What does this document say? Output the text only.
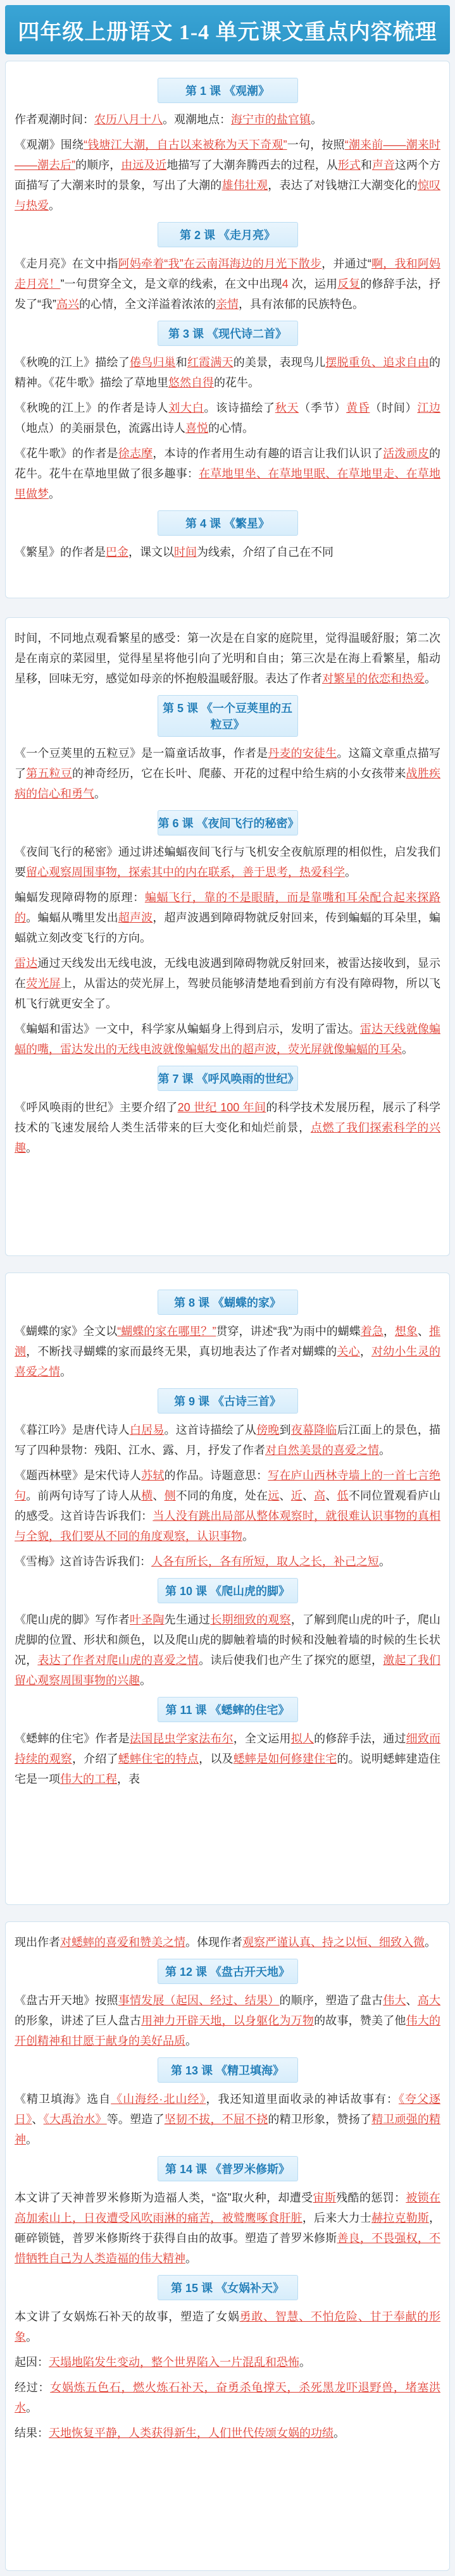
四年级上册语文 1-4 单元课文重点内容梳理
第 1 课 《观潮》

作者观潮时间：农历八月十八。观潮地点：海宁市的盐官镇。

《观潮》围绕“钱塘江大潮，自古以来被称为天下奇观”一句，按照“潮来前——潮来时——潮去后”的顺序，由远及近地描写了大潮奔腾西去的过程，从形式和声音这两个方面描写了大潮来时的景象，写出了大潮的雄伟壮观，表达了对钱塘江大潮变化的惊叹与热爱。

第 2 课 《走月亮》

《走月亮》在文中指阿妈牵着“我”在云南洱海边的月光下散步，并通过“啊，我和阿妈走月亮！”一句贯穿全文，是文章的线索，在文中出现4 次，运用反复的修辞手法，抒发了“我”高兴的心情，全文洋溢着浓浓的亲情，具有浓郁的民族特色。

第 3 课 《现代诗二首》

《秋晚的江上》描绘了倦鸟归巢和红霞满天的美景，表现鸟儿摆脱重负、追求自由的精神。《花牛歌》描绘了草地里悠然自得的花牛。

《秋晚的江上》的作者是诗人刘大白。该诗描绘了秋天（季节）黄昏（时间）江边（地点）的美丽景色，流露出诗人喜悦的心情。

《花牛歌》的作者是徐志摩，本诗的作者用生动有趣的语言让我们认识了活泼顽皮的花牛。花牛在草地里做了很多趣事：在草地里坐、在草地里眠、在草地里走、在草地里做梦。

第 4 课 《繁星》

《繁星》的作者是巴金，课文以时间为线索，介绍了自己在不同

时间，不同地点观看繁星的感受：第一次是在自家的庭院里，觉得温暖舒服；第二次是在南京的菜园里，觉得星星将他引向了光明和自由；第三次是在海上看繁星，船动星移，回味无穷，感觉如母亲的怀抱般温暖舒服。表达了作者对繁星的依恋和热爱。

第 5 课 《一个豆荚里的五粒豆》

《一个豆荚里的五粒豆》是一篇童话故事，作者是丹麦的安徒生。这篇文章重点描写了第五粒豆的神奇经历，它在长叶、爬藤、开花的过程中给生病的小女孩带来战胜疾病的信心和勇气。

第 6 课 《夜间飞行的秘密》

《夜间飞行的秘密》通过讲述蝙蝠夜间飞行与飞机安全夜航原理的相似性，启发我们要留心观察周围事物，探索其中的内在联系，善于思考，热爱科学。

蝙蝠发现障碍物的原理：蝙蝠飞行，靠的不是眼睛，而是靠嘴和耳朵配合起来探路的。蝙蝠从嘴里发出超声波，超声波遇到障碍物就反射回来，传到蝙蝠的耳朵里，蝙蝠就立刻改变飞行的方向。

雷达通过天线发出无线电波，无线电波遇到障碍物就反射回来，被雷达接收到，显示在荧光屏上，从雷达的荧光屏上，驾驶员能够清楚地看到前方有没有障碍物，所以飞机飞行就更安全了。

《蝙蝠和雷达》一文中，科学家从蝙蝠身上得到启示，发明了雷达。雷达天线就像蝙蝠的嘴，雷达发出的无线电波就像蝙蝠发出的超声波，荧光屏就像蝙蝠的耳朵。

第 7 课 《呼风唤雨的世纪》

《呼风唤雨的世纪》主要介绍了20 世纪 100 年间的科学技术发展历程，展示了科学技术的飞速发展给人类生活带来的巨大变化和灿烂前景，点燃了我们探索科学的兴趣。

第 8 课 《蝴蝶的家》

《蝴蝶的家》全文以“蝴蝶的家在哪里？”贯穿，讲述“我”为雨中的蝴蝶着急，想象、推测，不断找寻蝴蝶的家而最终无果，真切地表达了作者对蝴蝶的关心，对幼小生灵的喜爱之情。

第 9 课 《古诗三首》

《暮江吟》是唐代诗人白居易。这首诗描绘了从傍晚到夜幕降临后江面上的景色，描写了四种景物：残阳、江水、露、月，抒发了作者对自然美景的喜爱之情。

《题西林壁》是宋代诗人苏轼的作品。诗题意思：写在庐山西林寺墙上的一首七言绝句。前两句诗写了诗人从横、侧不同的角度，处在远、近、高、低不同位置观看庐山的感受。这首诗告诉我们：当人没有跳出局部从整体观察时，就很难认识事物的真相与全貌，我们要从不同的角度观察，认识事物。

《雪梅》这首诗告诉我们：人各有所长，各有所短，取人之长，补己之短。

第 10 课 《爬山虎的脚》

《爬山虎的脚》写作者叶圣陶先生通过长期细致的观察，了解到爬山虎的叶子，爬山虎脚的位置、形状和颜色，以及爬山虎的脚触着墙的时候和没触着墙的时候的生长状况，表达了作者对爬山虎的喜爱之情。读后使我们也产生了探究的愿望，激起了我们留心观察周围事物的兴趣。

第 11 课 《蟋蟀的住宅》

《蟋蟀的住宅》作者是法国昆虫学家法布尔，全文运用拟人的修辞手法，通过细致而持续的观察，介绍了蟋蟀住宅的特点，以及蟋蟀是如何修建住宅的。说明蟋蟀建造住宅是一项伟大的工程，表

现出作者对蟋蟀的喜爱和赞美之情。体现作者观察严谨认真、持之以恒、细致入微。

第 12 课 《盘古开天地》

《盘古开天地》按照事情发展（起因、经过、结果）的顺序，塑造了盘古伟大、高大的形象，讲述了巨人盘古用神力开辟天地，以身躯化为万物的故事，赞美了他伟大的开创精神和甘愿于献身的美好品质。

第 13 课 《精卫填海》

《精卫填海》选自《山海经·北山经》，我还知道里面收录的神话故事有：《夸父逐日》、《大禹治水》等。塑造了坚韧不拔，不屈不挠的精卫形象，赞扬了精卫顽强的精神。

第 14 课 《普罗米修斯》

本文讲了天神普罗米修斯为造福人类，“盗”取火种，却遭受宙斯残酷的惩罚：被锁在高加索山上，日夜遭受风吹雨淋的痛苦，被鹫鹰啄食肝脏，后来大力士赫拉克勒斯，砸碎锁链，普罗米修斯终于获得自由的故事。塑造了普罗米修斯善良，不畏强权，不惜牺牲自己为人类造福的伟大精神。

第 15 课 《女娲补天》

本文讲了女娲炼石补天的故事，塑造了女娲勇敢、智慧、不怕危险、甘于奉献的形象。

起因：天塌地陷发生变动，整个世界陷入一片混乱和恐怖。

经过：女娲炼五色石，燃火炼石补天，奋勇杀龟撑天，杀死黑龙吓退野兽，堵塞洪水。

结果：天地恢复平静，人类获得新生，人们世代传颂女娲的功绩。
